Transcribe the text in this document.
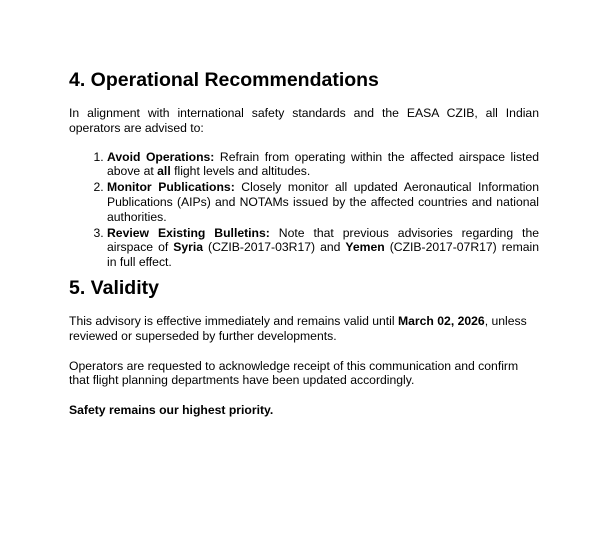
4. Operational Recommendations

In alignment with international safety standards and the EASA CZIB, all Indian operators are advised to:

1. Avoid Operations: Refrain from operating within the affected airspace listed above at all flight levels and altitudes.
2. Monitor Publications: Closely monitor all updated Aeronautical Information Publications (AIPs) and NOTAMs issued by the affected countries and national authorities.
3. Review Existing Bulletins: Note that previous advisories regarding the airspace of Syria (CZIB-2017-03R17) and Yemen (CZIB-2017-07R17) remain in full effect.
5. Validity

This advisory is effective immediately and remains valid until March 02, 2026, unless reviewed or superseded by further developments.

Operators are requested to acknowledge receipt of this communication and confirm that flight planning departments have been updated accordingly.

Safety remains our highest priority.
